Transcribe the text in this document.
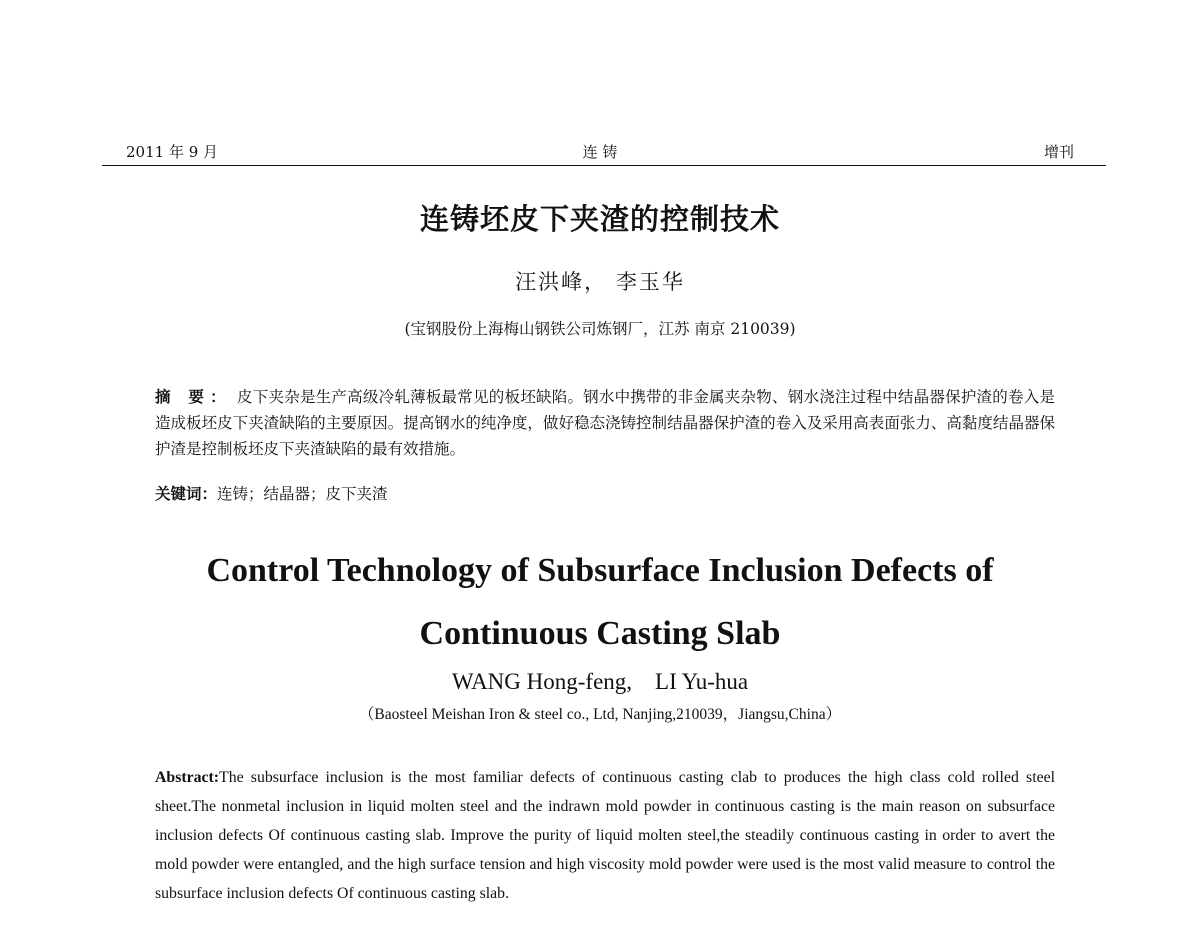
2011 年 9 月	连 铸	增刊
连铸坯皮下夹渣的控制技术
汪洪峰， 李玉华
(宝钢股份上海梅山钢铁公司炼钢厂，江苏 南京 210039)
摘 要： 皮下夹杂是生产高级冷轧薄板最常见的板坯缺陷。钢水中携带的非金属夹杂物、钢水浇注过程中结晶器保护渣的卷入是造成板坯皮下夹渣缺陷的主要原因。提高钢水的纯净度，做好稳态浇铸控制结晶器保护渣的卷入及采用高表面张力、高黏度结晶器保护渣是控制板坯皮下夹渣缺陷的最有效措施。
关键词：连铸；结晶器；皮下夹渣
Control Technology of Subsurface Inclusion Defects of
Continuous Casting Slab
WANG Hong-feng,    LI Yu-hua
（Baosteel Meishan Iron & steel co., Ltd, Nanjing,210039，Jiangsu,China）
Abstract:The subsurface inclusion is the most familiar defects of continuous casting clab to produces the high class cold rolled steel sheet.The nonmetal inclusion in liquid molten steel and the indrawn mold powder in continuous casting is the main reason on subsurface inclusion defects Of continuous casting slab. Improve the purity of liquid molten steel,the steadily continuous casting in order to avert the mold powder were entangled, and the high surface tension and high viscosity mold powder were used is the most valid measure to control the subsurface inclusion defects Of continuous casting slab.
